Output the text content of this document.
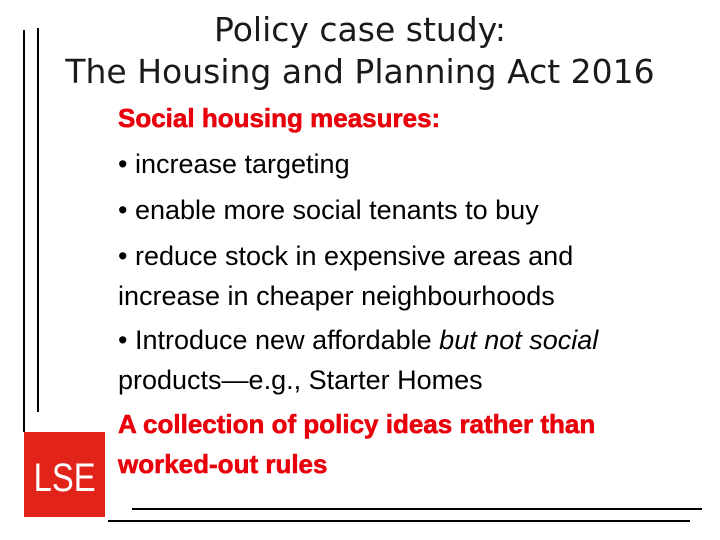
Policy case study:
The Housing and Planning Act 2016
Social housing measures:
• increase targeting
• enable more social tenants to buy
• reduce stock in expensive areas and
increase in cheaper neighbourhoods
• Introduce new affordable but not social
products—e.g., Starter Homes
A collection of policy ideas rather than
worked-out rules
LSE
